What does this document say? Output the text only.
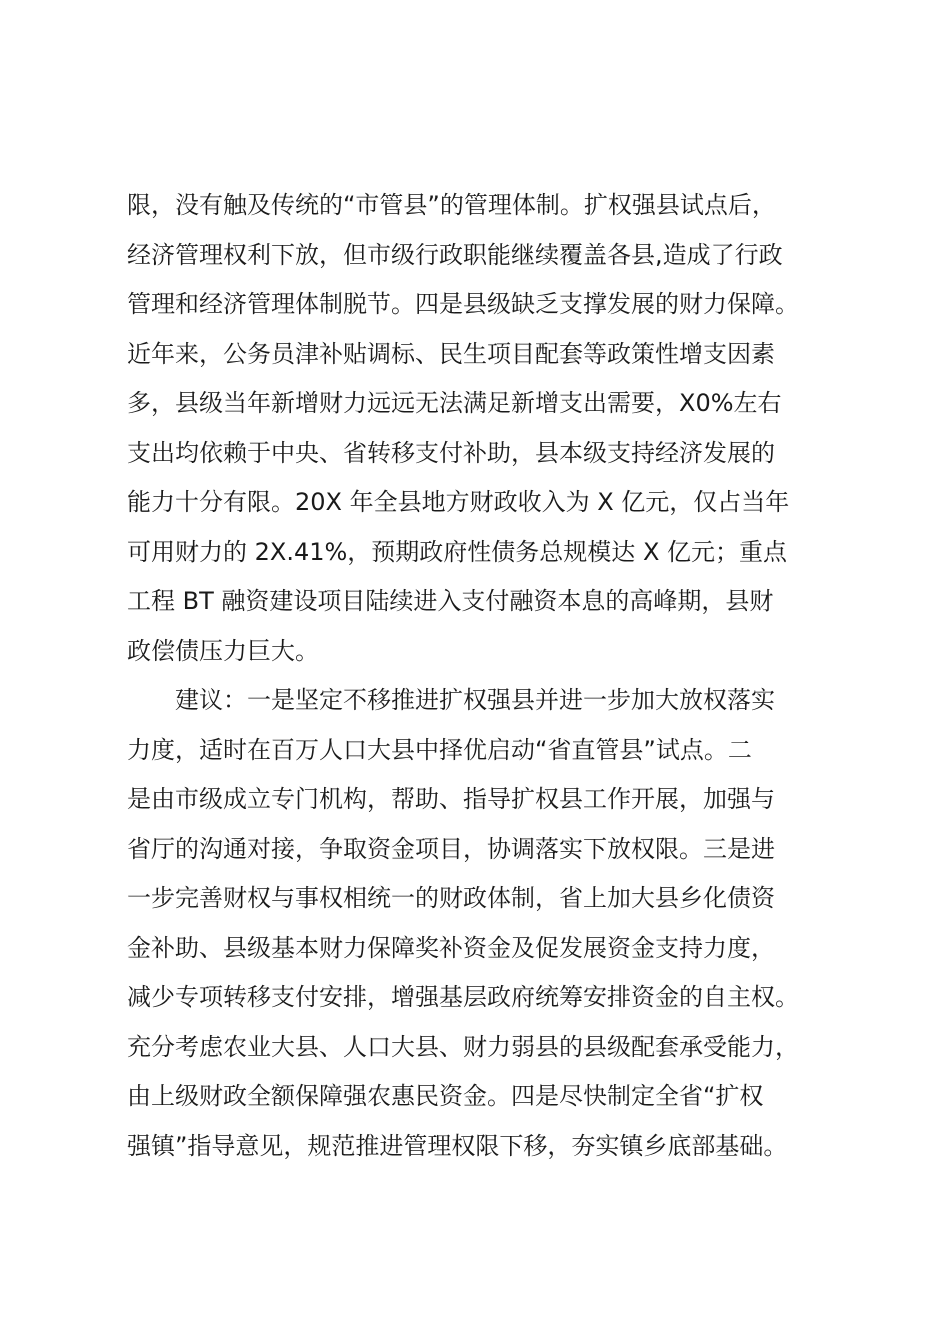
限，没有触及传统的“市管县”的管理体制。扩权强县试点后，
经济管理权利下放，但市级行政职能继续覆盖各县,造成了行政
管理和经济管理体制脱节。四是县级缺乏支撑发展的财力保障。
近年来，公务员津补贴调标、民生项目配套等政策性增支因素
多，县级当年新增财力远远无法满足新增支出需要，X0%左右
支出均依赖于中央、省转移支付补助，县本级支持经济发展的
能力十分有限。20X 年全县地方财政收入为 X 亿元，仅占当年
可用财力的 2X.41%，预期政府性债务总规模达 X 亿元；重点
工程 BT 融资建设项目陆续进入支付融资本息的高峰期，县财
政偿债压力巨大。
建议：一是坚定不移推进扩权强县并进一步加大放权落实
力度，适时在百万人口大县中择优启动“省直管县”试点。二
是由市级成立专门机构，帮助、指导扩权县工作开展，加强与
省厅的沟通对接，争取资金项目，协调落实下放权限。三是进
一步完善财权与事权相统一的财政体制，省上加大县乡化债资
金补助、县级基本财力保障奖补资金及促发展资金支持力度，
减少专项转移支付安排，增强基层政府统筹安排资金的自主权。
充分考虑农业大县、人口大县、财力弱县的县级配套承受能力，
由上级财政全额保障强农惠民资金。四是尽快制定全省“扩权
强镇”指导意见，规范推进管理权限下移，夯实镇乡底部基础。
